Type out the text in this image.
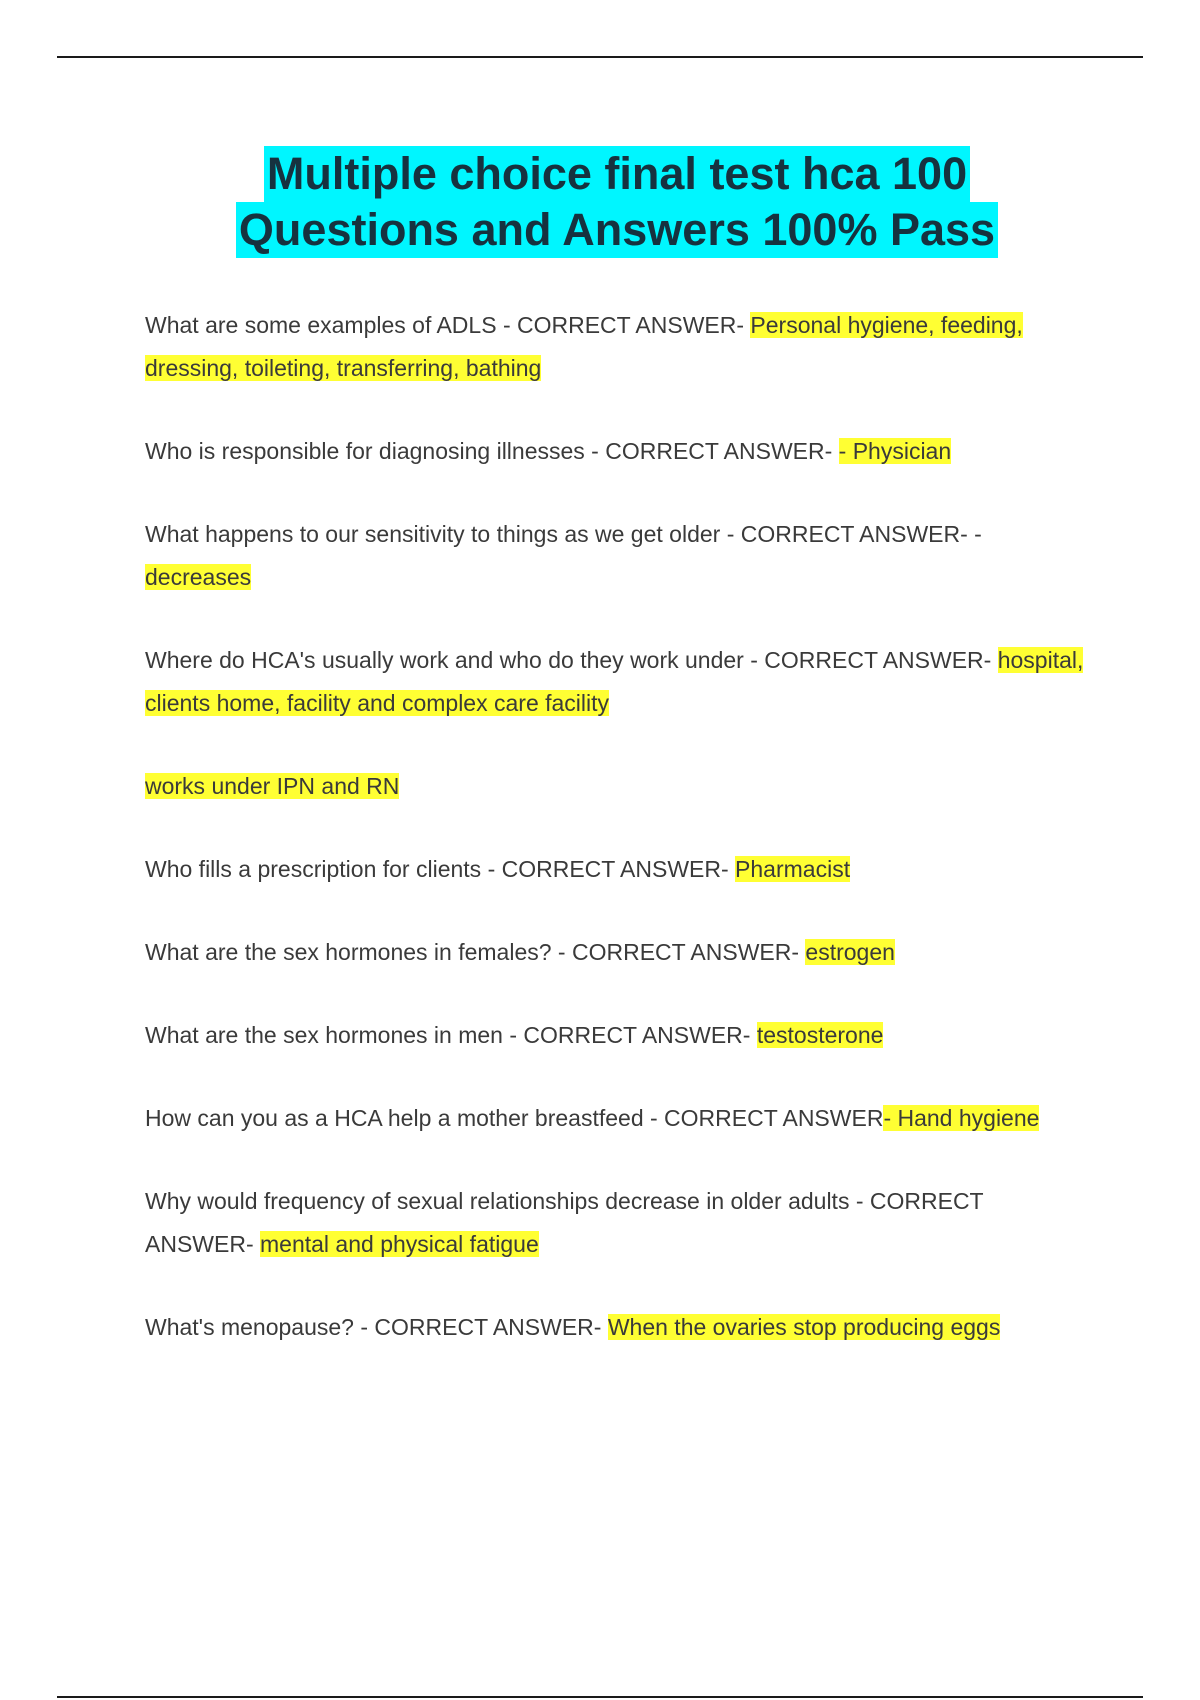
Multiple choice final test hca 100
Questions and Answers 100% Pass

What are some examples of ADLS - CORRECT ANSWER- Personal hygiene, feeding, dressing, toileting, transferring, bathing

Who is responsible for diagnosing illnesses - CORRECT ANSWER- - Physician

What happens to our sensitivity to things as we get older - CORRECT ANSWER- - decreases

Where do HCA's usually work and who do they work under - CORRECT ANSWER- hospital, clients home, facility and complex care facility

works under IPN and RN

Who fills a prescription for clients - CORRECT ANSWER- Pharmacist

What are the sex hormones in females? - CORRECT ANSWER- estrogen

What are the sex hormones in men - CORRECT ANSWER- testosterone

How can you as a HCA help a mother breastfeed - CORRECT ANSWER- Hand hygiene

Why would frequency of sexual relationships decrease in older adults - CORRECT ANSWER- mental and physical fatigue

What's menopause? - CORRECT ANSWER- When the ovaries stop producing eggs
